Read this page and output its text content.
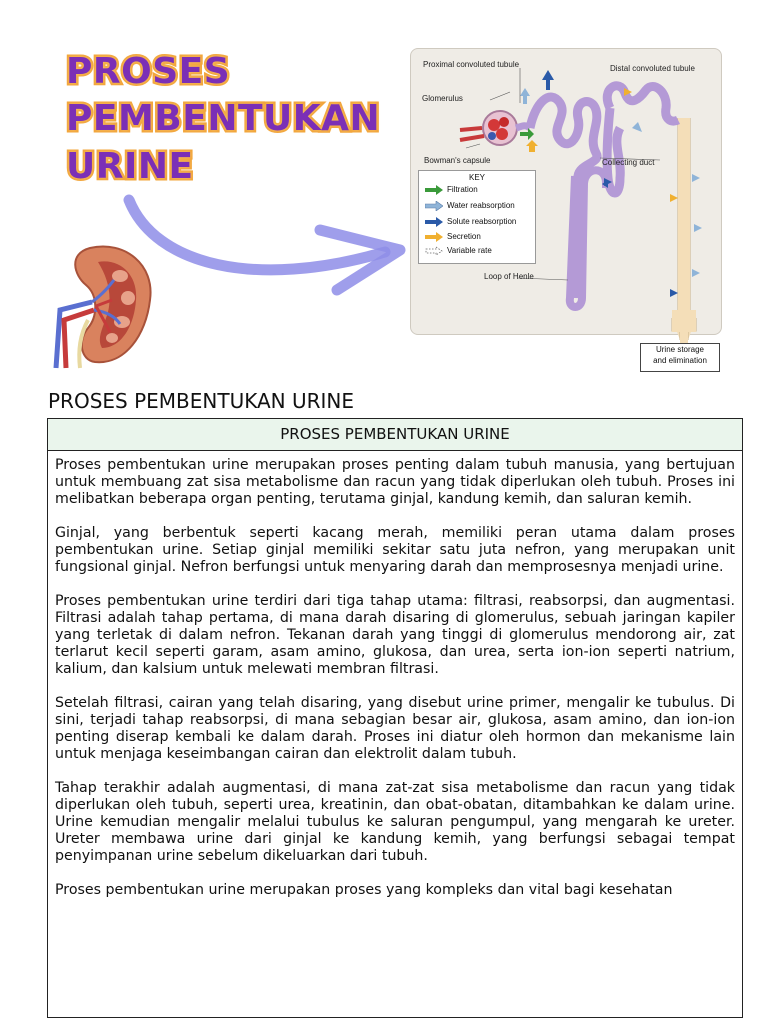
PROSES
PEMBENTUKAN
URINE
Proximal convoluted tubule	Distal convoluted tubule
Glomerulus
Bowman's capsule	Collecting duct
Loop of Henle
KEY
Filtration
Water reabsorption
Solute reabsorption
Secretion
Variable rate
Urine storage
and elimination
PROSES PEMBENTUKAN URINE
PROSES PEMBENTUKAN URINE

Proses pembentukan urine merupakan proses penting dalam tubuh manusia, yang bertujuan untuk membuang zat sisa metabolisme dan racun yang tidak diperlukan oleh tubuh. Proses ini melibatkan beberapa organ penting, terutama ginjal, kandung kemih, dan saluran kemih.

Ginjal, yang berbentuk seperti kacang merah, memiliki peran utama dalam proses pembentukan urine. Setiap ginjal memiliki sekitar satu juta nefron, yang merupakan unit fungsional ginjal. Nefron berfungsi untuk menyaring darah dan memprosesnya menjadi urine.

Proses pembentukan urine terdiri dari tiga tahap utama: filtrasi, reabsorpsi, dan augmentasi. Filtrasi adalah tahap pertama, di mana darah disaring di glomerulus, sebuah jaringan kapiler yang terletak di dalam nefron. Tekanan darah yang tinggi di glomerulus mendorong air, zat terlarut kecil seperti garam, asam amino, glukosa, dan urea, serta ion-ion seperti natrium, kalium, dan kalsium untuk melewati membran filtrasi.

Setelah filtrasi, cairan yang telah disaring, yang disebut urine primer, mengalir ke tubulus. Di sini, terjadi tahap reabsorpsi, di mana sebagian besar air, glukosa, asam amino, dan ion-ion penting diserap kembali ke dalam darah. Proses ini diatur oleh hormon dan mekanisme lain untuk menjaga keseimbangan cairan dan elektrolit dalam tubuh.

Tahap terakhir adalah augmentasi, di mana zat-zat sisa metabolisme dan racun yang tidak diperlukan oleh tubuh, seperti urea, kreatinin, dan obat-obatan, ditambahkan ke dalam urine. Urine kemudian mengalir melalui tubulus ke saluran pengumpul, yang mengarah ke ureter. Ureter membawa urine dari ginjal ke kandung kemih, yang berfungsi sebagai tempat penyimpanan urine sebelum dikeluarkan dari tubuh.

Proses pembentukan urine merupakan proses yang kompleks dan vital bagi kesehatan
